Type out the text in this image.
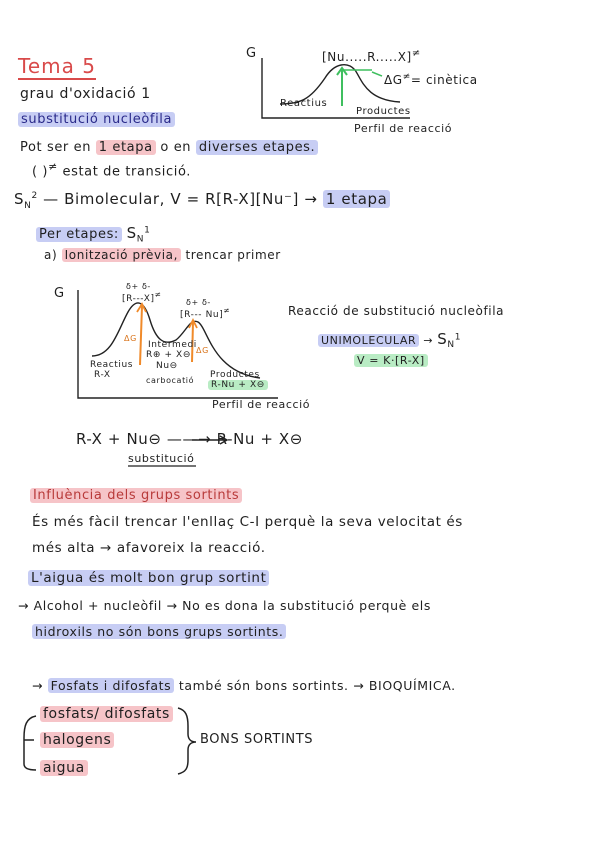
Tema 5
grau d'oxidació 1
substitució nucleòfila
G	[Nu.....R.....X]≠
ΔG≠= cinètica
Reactius
Productes
Perfil de reacció
Pot ser en 1 etapa o en diverses etapes.
( )≠ estat de transició.
$S_N^2$ — Bimolecular, V = R[R-X][Nu⁻] → 1 etapa
Per etapes: $S_N^1$
a) Ionització prèvia, trencar primer
G	δ+ δ-
[R---X]≠
δ+ δ-
[R--- Nu]≠
ΔG
ΔG
Intermedi
R⊕ + X⊖
Nu⊖
carbocatió
Reactius
R-X	Productes
R-Nu + X⊖
Perfil de reacció
Reacció de substitució nucleòfila
UNIMOLECULAR → $S_N^1$
V = K·[R-X]
R-X + Nu⊖ ——→ R-Nu + X⊖
substitució
Influència dels grups sortints
És més fàcil trencar l'enllaç C-I perquè la seva velocitat és
més alta → afavoreix la reacció.
L'aigua és molt bon grup sortint
→ Alcohol + nucleòfil → No es dona la substitució perquè els
hidroxils no són bons grups sortints.
→ Fosfats i difosfats també són bons sortints. → BIOQUÍMICA.
fosfats/ difosfats
halogens
aigua
BONS SORTINTS
